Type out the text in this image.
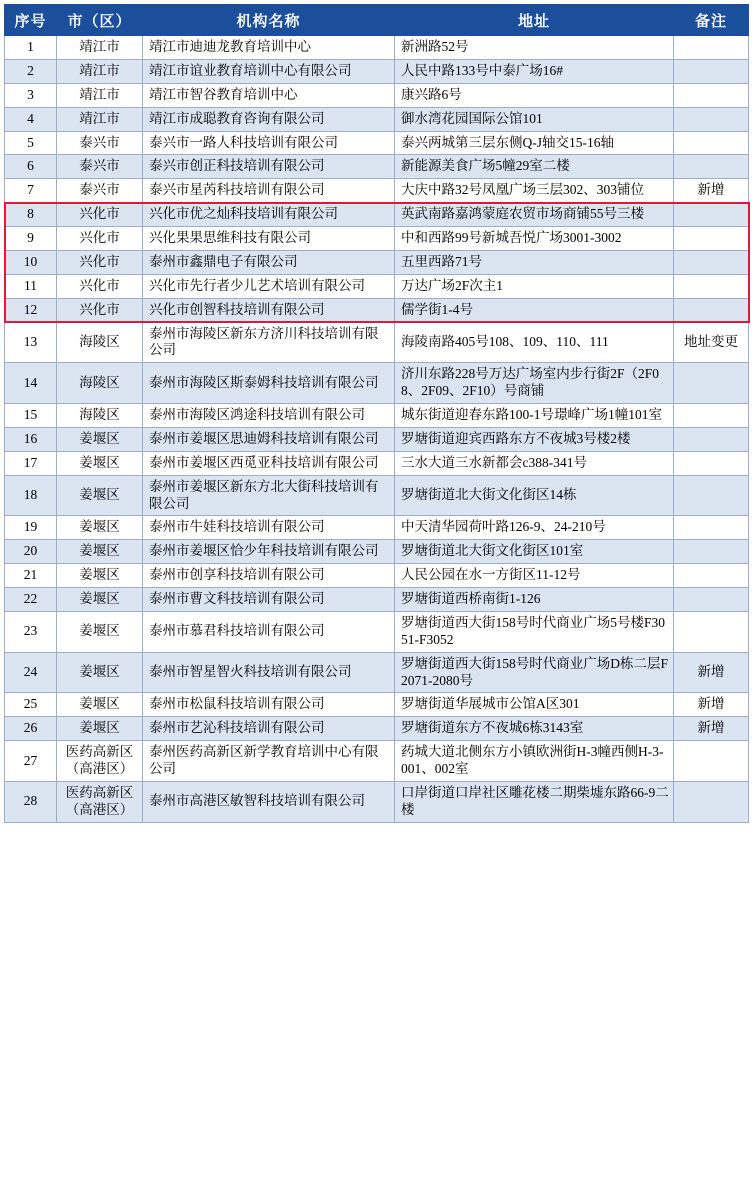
序号	市（区）	机构名称	地址	备注
1	靖江市	靖江市迪迪龙教育培训中心	新洲路52号	
2	靖江市	靖江市谊业教育培训中心有限公司	人民中路133号中泰广场16#	
3	靖江市	靖江市智谷教育培训中心	康兴路6号	
4	靖江市	靖江市成聪教育咨询有限公司	御水湾花园国际公馆101	
5	泰兴市	泰兴市一路人科技培训有限公司	泰兴两城第三层东侧Q-J轴交15-16轴	
6	泰兴市	泰兴市创正科技培训有限公司	新能源美食广场5幢29室二楼	
7	泰兴市	泰兴市星芮科技培训有限公司	大庆中路32号凤凰广场三层302、303铺位	新增
8	兴化市	兴化市优之灿科技培训有限公司	英武南路嘉鸿蒙庭农贸市场商铺55号三楼	
9	兴化市	兴化果果思维科技有限公司	中和西路99号新城吾悦广场3001-3002	
10	兴化市	泰州市鑫鼎电子有限公司	五里西路71号	
11	兴化市	兴化市先行者少儿艺术培训有限公司	万达广场2F次主1	
12	兴化市	兴化市创智科技培训有限公司	儒学街1-4号	
13	海陵区	泰州市海陵区新东方济川科技培训有限公司	海陵南路405号108、109、110、111	地址变更
14	海陵区	泰州市海陵区斯泰姆科技培训有限公司	济川东路228号万达广场室内步行街2F（2F08、2F09、2F10）号商铺	
15	海陵区	泰州市海陵区鸿途科技培训有限公司	城东街道迎春东路100-1号璟峰广场1幢101室	
16	姜堰区	泰州市姜堰区思迪姆科技培训有限公司	罗塘街道迎宾西路东方不夜城3号楼2楼	
17	姜堰区	泰州市姜堰区西觅亚科技培训有限公司	三水大道三水新都会c388-341号	
18	姜堰区	泰州市姜堰区新东方北大街科技培训有限公司	罗塘街道北大街文化街区14栋	
19	姜堰区	泰州市牛娃科技培训有限公司	中天清华园荷叶路126-9、24-210号	
20	姜堰区	泰州市姜堰区恰少年科技培训有限公司	罗塘街道北大街文化街区101室	
21	姜堰区	泰州市创享科技培训有限公司	人民公园在水一方街区11-12号	
22	姜堰区	泰州市曹文科技培训有限公司	罗塘街道西桥南街1-126	
23	姜堰区	泰州市慕君科技培训有限公司	罗塘街道西大街158号时代商业广场5号楼F3051-F3052	
24	姜堰区	泰州市智星智火科技培训有限公司	罗塘街道西大街158号时代商业广场D栋二层F2071-2080号	新增
25	姜堰区	泰州市松鼠科技培训有限公司	罗塘街道华展城市公馆A区301	新增
26	姜堰区	泰州市艺沁科技培训有限公司	罗塘街道东方不夜城6栋3143室	新增
27	医药高新区（高港区）	泰州医药高新区新学教育培训中心有限公司	药城大道北侧东方小镇欧洲街H-3幢西侧H-3-001、002室	
28	医药高新区（高港区）	泰州市高港区敏智科技培训有限公司	口岸街道口岸社区雕花楼二期柴墟东路66-9二楼	
